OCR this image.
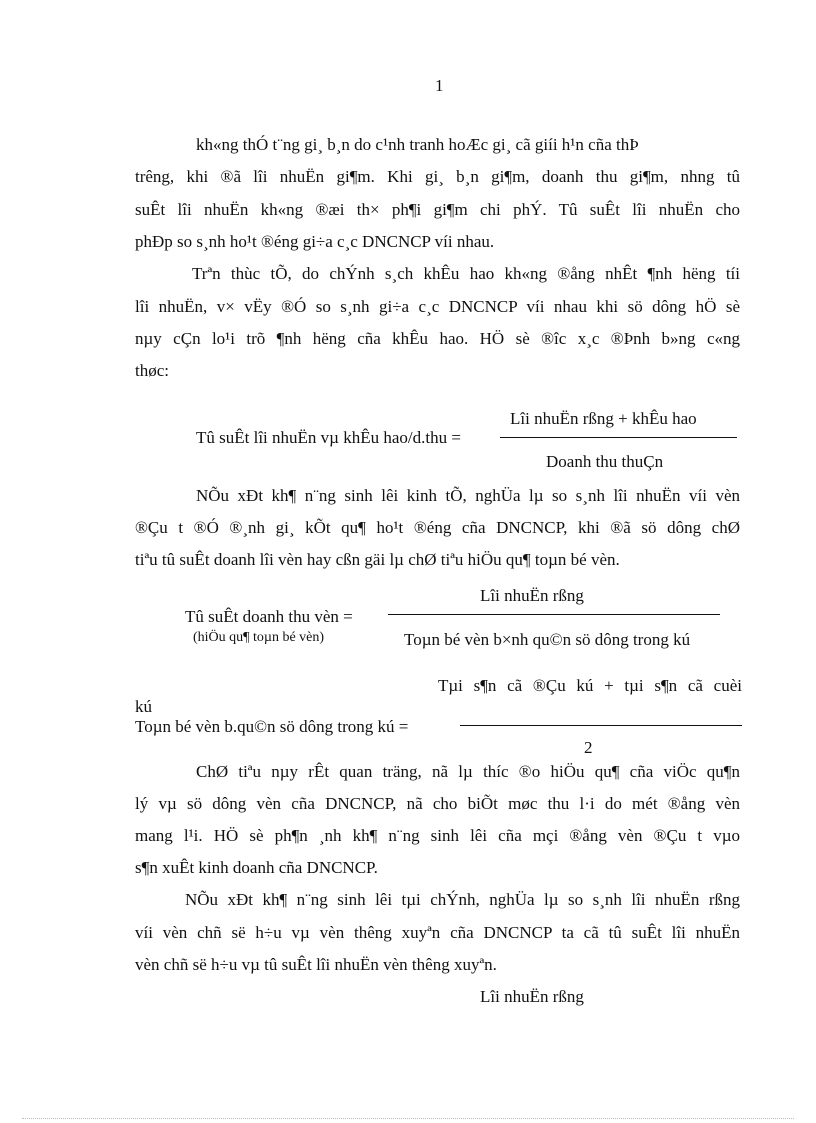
1
kh«ng thÓ t¨ng gi¸ b¸n do c¹nh tranh hoÆc gi¸ cã giíi h¹n cña thÞ
trêng, khi ®ã lîi nhuËn gi¶m. Khi gi¸ b¸n gi¶m, doanh thu gi¶m, nhng tû
suÊt lîi nhuËn kh«ng ®æi th× ph¶i gi¶m chi phÝ. Tû suÊt lîi nhuËn cho
phÐp so s¸nh ho¹t ®éng gi÷a c¸c DNCNCP víi nhau.
Trªn thùc tÕ, do chÝnh s¸ch khÊu hao kh«ng ®ång nhÊt ¶nh hëng tíi
lîi nhuËn, v× vËy ®Ó so s¸nh gi÷a c¸c DNCNCP víi nhau khi sö dông hÖ sè
nµy cÇn lo¹i trõ ¶nh hëng cña khÊu hao. HÖ sè ®îc x¸c ®Þnh b»ng c«ng
thøc:
Lîi nhuËn rßng + khÊu hao
Tû suÊt lîi nhuËn vµ khÊu hao/d.thu =
Doanh thu thuÇn
NÕu xÐt kh¶ n¨ng sinh lêi kinh tÕ, nghÜa lµ so s¸nh lîi nhuËn víi vèn
®Çu t ®Ó ®¸nh gi¸ kÕt qu¶ ho¹t ®éng cña DNCNCP, khi ®ã sö dông chØ
tiªu tû suÊt doanh lîi vèn hay cßn gäi lµ chØ tiªu hiÖu qu¶ toµn bé vèn.
Lîi nhuËn rßng
Tû suÊt doanh thu vèn =
(hiÖu qu¶ toµn bé vèn)	Toµn bé vèn b×nh qu©n sö dông trong kú
Tµi s¶n cã ®Çu kú + tµi s¶n cã cuèi
kú
Toµn bé vèn b.qu©n sö dông trong kú =
2
ChØ tiªu nµy rÊt quan träng, nã lµ thíc ®o hiÖu qu¶ cña viÖc qu¶n
lý vµ sö dông vèn cña DNCNCP, nã cho biÕt møc thu l·i do mét ®ång vèn
mang l¹i. HÖ sè ph¶n ¸nh kh¶ n¨ng sinh lêi cña mçi ®ång vèn ®Çu t vµo
s¶n xuÊt kinh doanh cña DNCNCP.
NÕu xÐt kh¶ n¨ng sinh lêi tµi chÝnh, nghÜa lµ so s¸nh lîi nhuËn rßng
víi vèn chñ së h÷u vµ vèn thêng xuyªn cña DNCNCP ta cã tû suÊt lîi nhuËn
vèn chñ së h÷u vµ tû suÊt lîi nhuËn vèn thêng xuyªn.
Lîi nhuËn rßng
